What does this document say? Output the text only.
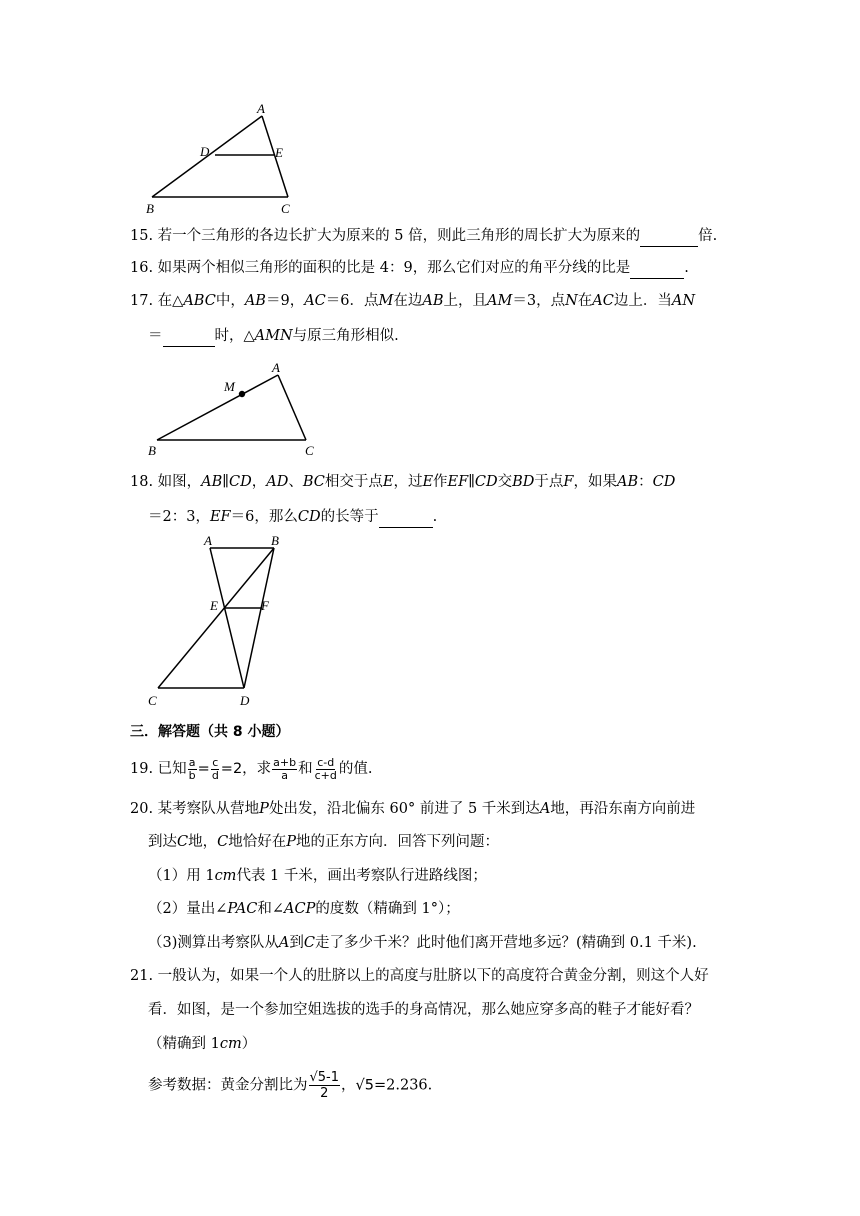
A
D	E
B	C
15. 若一个三角形的各边长扩大为原来的 5 倍，则此三角形的周长扩大为原来的	倍.
16. 如果两个相似三角形的面积的比是 4：9，那么它们对应的角平分线的比是	.
17. 在△ABC中，AB＝9，AC＝6．点M在边AB上，且AM＝3，点N在AC边上．当AN
＝	时，△AMN与原三角形相似.
A
M
B	C
18. 如图，AB∥CD，AD、BC相交于点E，过E作EF∥CD交BD于点F，如果AB：CD
＝2：3，EF＝6，那么CD的长等于	.
A	B
E	F
C	D
三．解答题（共 8 小题）
19. 已知 $\frac{a}{b} = \frac{c}{d} =2$，求 $\frac{a+b}{a}$ 和 $\frac{c-d}{c+d}$ 的值.
20. 某考察队从营地P处出发，沿北偏东 60° 前进了 5 千米到达A地，再沿东南方向前进
到达C地，C地恰好在P地的正东方向．回答下列问题：
（1）用 1cm代表 1 千米，画出考察队行进路线图；
（2）量出∠PAC和∠ACP的度数（精确到 1°）；
（3)测算出考察队从A到C走了多少千米？此时他们离开营地多远？(精确到 0.1 千米).
21. 一般认为，如果一个人的肚脐以上的高度与肚脐以下的高度符合黄金分割，则这个人好
看．如图，是一个参加空姐选拔的选手的身高情况，那么她应穿多高的鞋子才能好看？
（精确到 1cm）
参考数据：黄金分割比为 $\frac{√5-1}{2}$ ，√5=2.236.
